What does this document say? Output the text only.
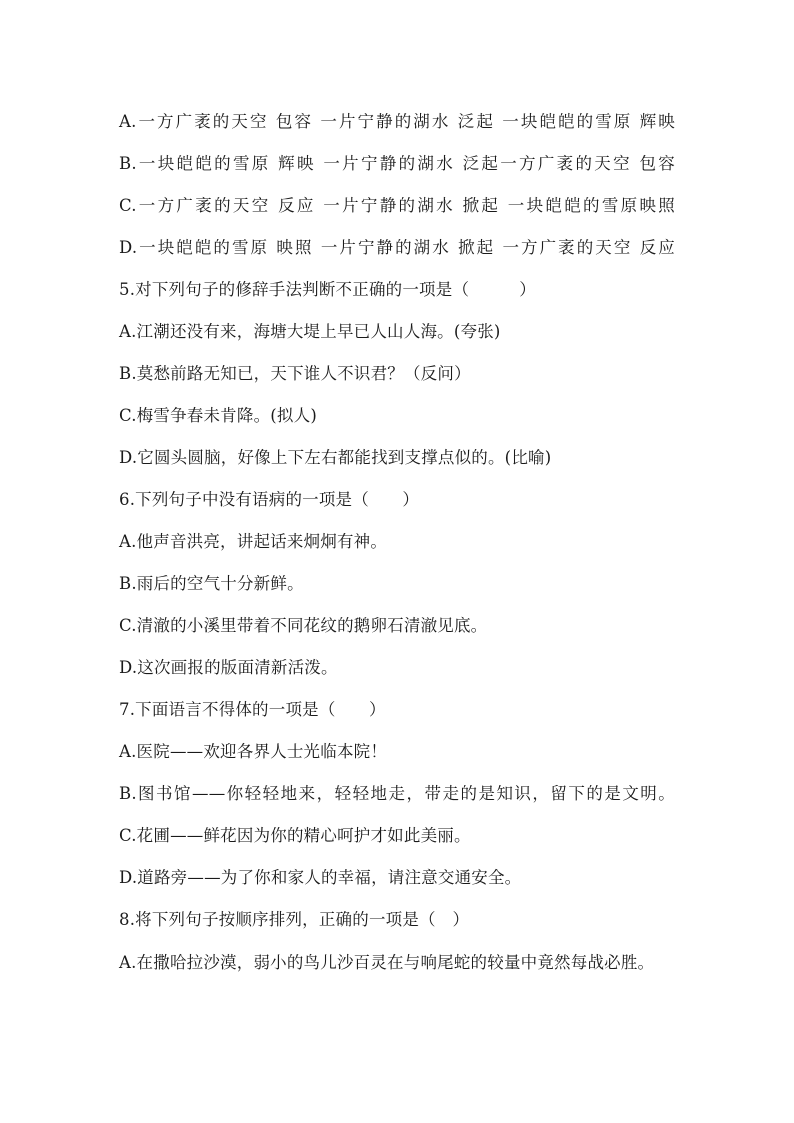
A.一方广袤的天空 包容 一片宁静的湖水 泛起 一块皑皑的雪原 辉映
B.一块皑皑的雪原 辉映 一片宁静的湖水 泛起一方广袤的天空 包容
C.一方广袤的天空 反应 一片宁静的湖水 掀起 一块皑皑的雪原映照
D.一块皑皑的雪原 映照 一片宁静的湖水 掀起 一方广袤的天空 反应
5.对下列句子的修辞手法判断不正确的一项是（　　　）
A.江潮还没有来，海塘大堤上早已人山人海。(夸张)
B.莫愁前路无知已，天下谁人不识君？（反问）
C.梅雪争春未肯降。(拟人)
D.它圆头圆脑，好像上下左右都能找到支撑点似的。(比喻)
6.下列句子中没有语病的一项是（　　）
A.他声音洪亮，讲起话来炯炯有神。
B.雨后的空气十分新鲜。
C.清澈的小溪里带着不同花纹的鹅卵石清澈见底。
D.这次画报的版面清新活泼。
7.下面语言不得体的一项是（　　）
A.医院——欢迎各界人士光临本院！
B.图书馆——你轻轻地来，轻轻地走，带走的是知识，留下的是文明。
C.花圃——鲜花因为你的精心呵护才如此美丽。
D.道路旁——为了你和家人的幸福，请注意交通安全。
8.将下列句子按顺序排列，正确的一项是（　）
A.在撒哈拉沙漠，弱小的鸟儿沙百灵在与响尾蛇的较量中竟然每战必胜。
